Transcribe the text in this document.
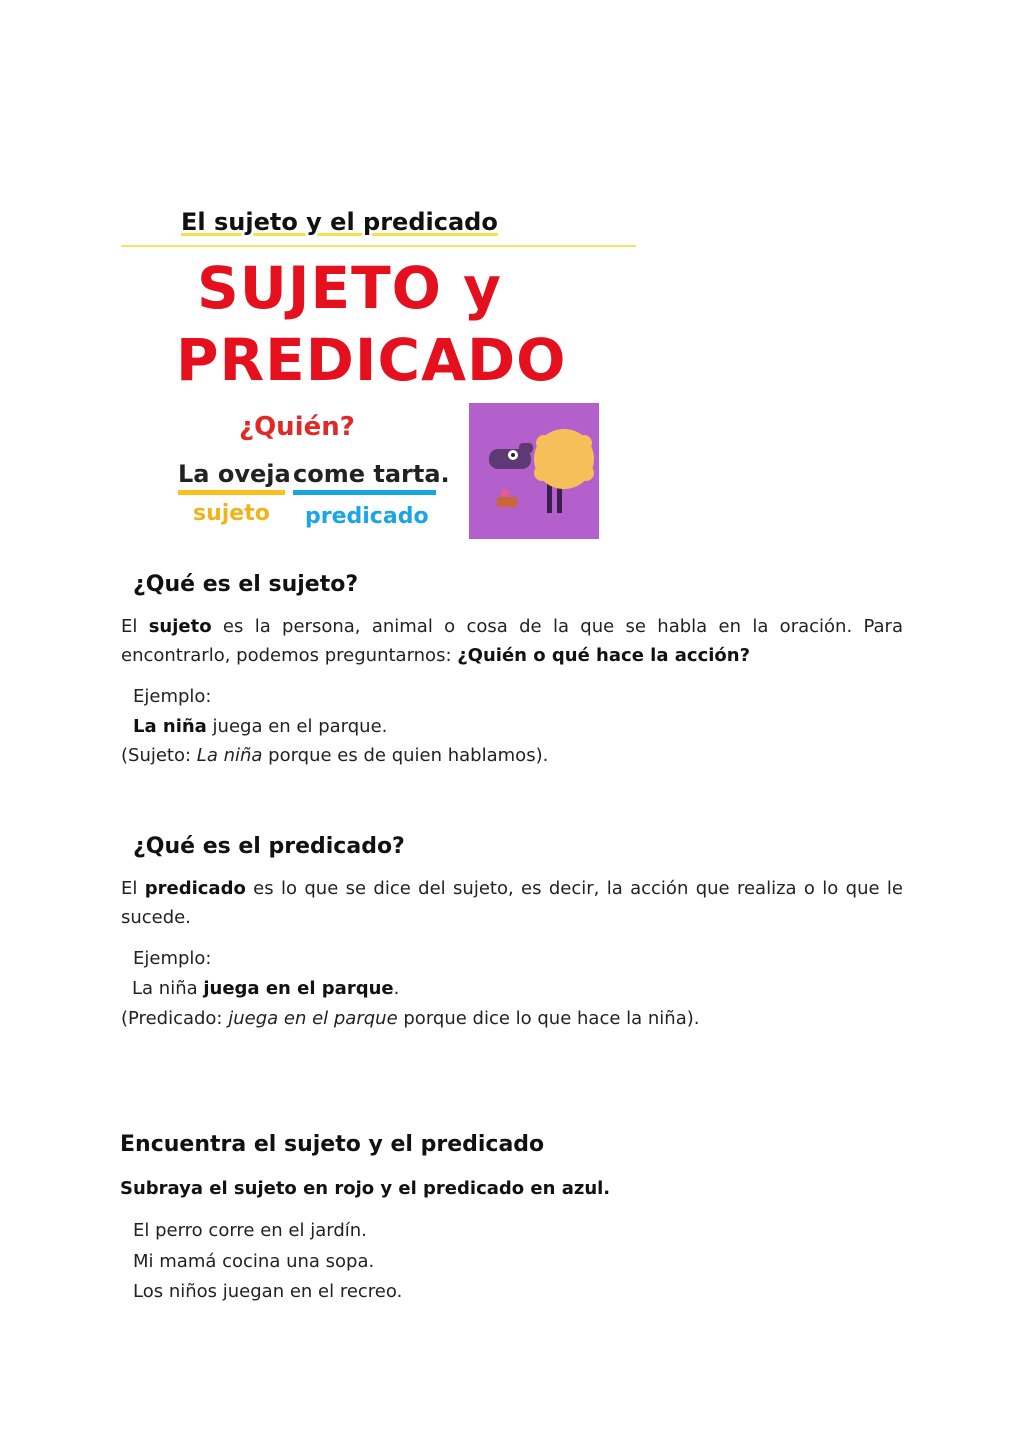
El sujeto y el predicado
SUJETO y
PREDICADO
¿Quién?
La oveja come tarta.
sujeto predicado
¿Qué es el sujeto?
El sujeto es la persona, animal o cosa de la que se habla en la oración. Para encontrarlo, podemos preguntarnos: ¿Quién o qué hace la acción?
Ejemplo:
La niña juega en el parque.
(Sujeto: La niña porque es de quien hablamos).
¿Qué es el predicado?
El predicado es lo que se dice del sujeto, es decir, la acción que realiza o lo que le sucede.
Ejemplo:
La niña juega en el parque.
(Predicado: juega en el parque porque dice lo que hace la niña).
Encuentra el sujeto y el predicado
Subraya el sujeto en rojo y el predicado en azul.
El perro corre en el jardín.
Mi mamá cocina una sopa.
Los niños juegan en el recreo.
